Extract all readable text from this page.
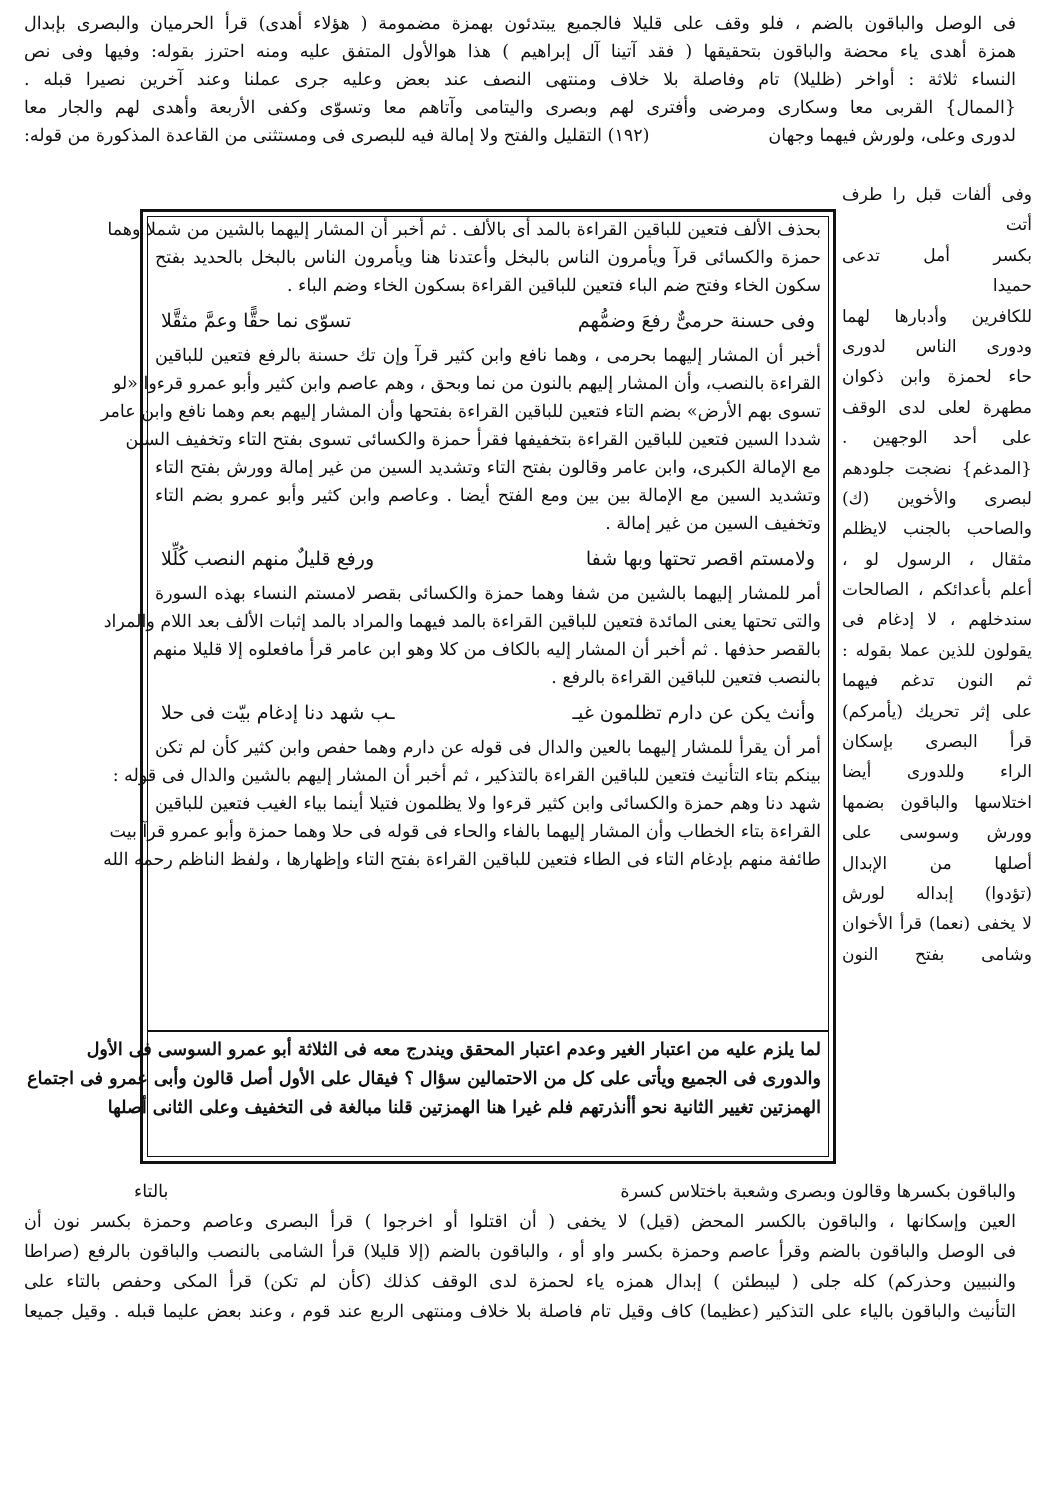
فى الوصل والباقون بالضم ، فلو وقف على قليلا فالجميع يبتدئون بهمزة مضمومة ( هؤلاء أهدى) قرأ الحرميان والبصرى بإبدال
همزة أهدى ياء محضة والباقون بتحقيقها ( فقد آتينا آل إبراهيم ) هذا هوالأول المتفق عليه ومنه احترز بقوله: وفيها وفى نص
النساء ثلاثة : أواخر (ظليلا) تام وفاصلة بلا خلاف ومنتهى النصف عند بعض وعليه جرى عملنا وعند آخرين نصيرا قبله .
{الممال} القربى معا وسكارى ومرضى وأفترى لهم وبصرى واليتامى وآتاهم معا وتسوّى وكفى الأربعة وأهدى لهم والجار معا
لدورى وعلى، ولورش فيهما وجهان
(١٩٢) التقليل والفتح ولا إمالة فيه للبصرى فى ومستثنى من القاعدة المذكورة من قوله:
وفى ألفات قبل را طرف
أتت
بكسر أمل تدعى
حميدا
للكافرين وأدبارها لهما
ودورى الناس لدورى
حاء لحمزة وابن ذكوان
مطهرة لعلى لدى الوقف
على أحد الوجهين .
{المدغم} نضجت جلودهم
لبصرى والأخوين (ك)
والصاحب بالجنب لايظلم
مثقال ، الرسول لو ،
أعلم بأعدائكم ، الصالحات
سندخلهم ، لا إدغام فى
يقولون للذين عملا بقوله :
ثم النون تدغم فيهما
على إثر تحريك (يأمركم)
قرأ البصرى بإسكان
الراء وللدورى أيضا
اختلاسها والباقون بضمها
وورش وسوسى على
أصلها من الإبدال
(تؤدوا) إبداله لورش
لا يخفى (نعما) قرأ الأخوان
وشامى بفتح النون
بحذف الألف فتعين للباقين القراءة بالمد أى بالألف . ثم أخبر أن المشار إليهما بالشين من شملا وهما
حمزة والكسائى قرآ ويأمرون الناس بالبخل وأعتدنا هنا ويأمرون الناس بالبخل بالحديد بفتح
سكون الخاء وفتح ضم الباء فتعين للباقين القراءة بسكون الخاء وضم الباء .
وفى حسنة حرمىٌّ رفعَ وضمُّهم
تسوّى نما حقًّا وعمَّ مثقَّلا
أخبر أن المشار إليهما بحرمى ، وهما نافع وابن كثير قرآ وإن تك حسنة بالرفع فتعين للباقين
القراءة بالنصب، وأن المشار إليهم بالنون من نما وبحق ، وهم عاصم وابن كثير وأبو عمرو قرءوا «لو
تسوى بهم الأرض» بضم التاء فتعين للباقين القراءة بفتحها وأن المشار إليهم بعم وهما نافع وابن عامر
شددا السين فتعين للباقين القراءة بتخفيفها فقرأ حمزة والكسائى تسوى بفتح التاء وتخفيف السين
مع الإمالة الكبرى، وابن عامر وقالون بفتح التاء وتشديد السين من غير إمالة وورش بفتح التاء
وتشديد السين مع الإمالة بين بين ومع الفتح أيضا . وعاصم وابن كثير وأبو عمرو بضم التاء
وتخفيف السين من غير إمالة .
ولامستم اقصر تحتها وبها شفا
ورفع قليلٌ منهم النصب كُلِّلا
أمر للمشار إليهما بالشين من شفا وهما حمزة والكسائى بقصر لامستم النساء بهذه السورة
والتى تحتها يعنى المائدة فتعين للباقين القراءة بالمد فيهما والمراد بالمد إثبات الألف بعد اللام والمراد
بالقصر حذفها . ثم أخبر أن المشار إليه بالكاف من كلا وهو ابن عامر قرأ مافعلوه إلا قليلا منهم
بالنصب فتعين للباقين القراءة بالرفع .
وأنث يكن عن دارم تظلمون غيـ
ـب شهد دنا إدغام بيّت فى حلا
أمر أن يقرأ للمشار إليهما بالعين والدال فى قوله عن دارم وهما حفص وابن كثير كأن لم تكن
بينكم بتاء التأنيث فتعين للباقين القراءة بالتذكير ، ثم أخبر أن المشار إليهم بالشين والدال فى قوله :
شهد دنا وهم حمزة والكسائى وابن كثير قرءوا ولا يظلمون فتيلا أينما بياء الغيب فتعين للباقين
القراءة بتاء الخطاب وأن المشار إليهما بالفاء والحاء فى قوله فى حلا وهما حمزة وأبو عمرو قرآ بيت
طائفة منهم بإدغام التاء فى الطاء فتعين للباقين القراءة بفتح التاء وإظهارها ، ولفظ الناظم رحمه الله
لما يلزم عليه من اعتبار الغير وعدم اعتبار المحقق ويندرج معه فى الثلاثة أبو عمرو السوسى فى الأول
والدورى فى الجميع ويأتى على كل من الاحتمالين سؤال ؟ فيقال على الأول أصل قالون وأبى عمرو فى اجتماع
الهمزتين تغيير الثانية نحو أأنذرتهم فلم غيرا هنا الهمزتين قلنا مبالغة فى التخفيف وعلى الثانى أصلها
والباقون بكسرها وقالون وبصرى وشعبة باختلاس كسرة
بالتاء
العين وإسكانها ، والباقون بالكسر المحض (قيل) لا يخفى ( أن اقتلوا أو اخرجوا ) قرأ البصرى وعاصم وحمزة بكسر نون أن
فى الوصل والباقون بالضم وقرأ عاصم وحمزة بكسر واو أو ، والباقون بالضم (إلا قليلا) قرأ الشامى بالنصب والباقون بالرفع (صراطا
والنبيين وحذركم) كله جلى ( ليبطئن ) إبدال همزه ياء لحمزة لدى الوقف كذلك (كأن لم تكن) قرأ المكى وحفص بالتاء على
التأنيث والباقون بالياء على التذكير (عظيما) كاف وقيل تام فاصلة بلا خلاف ومنتهى الربع عند قوم ، وعند بعض عليما قبله . وقيل جميعا
